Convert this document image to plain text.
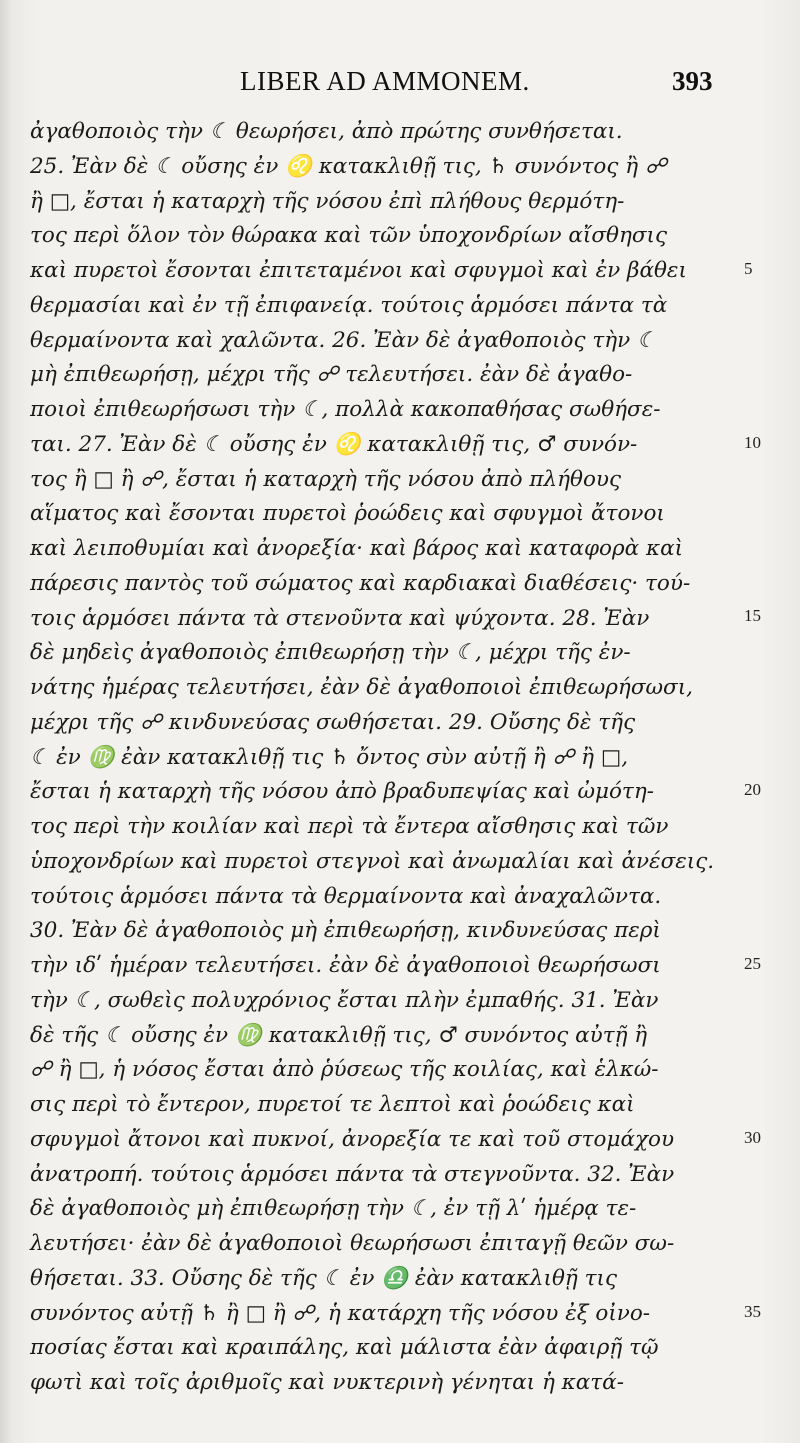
LIBER AD AMMONEM.	393
ἀγαθοποιὸς τὴν ☾ θεωρήσει, ἀπὸ πρώτης συνθήσεται.
25. Ἐὰν δὲ ☾ οὔσης ἐν ♌ κατακλιθῇ τις, ♄ συνόντος ἢ ☍
ἢ □, ἔσται ἡ καταρχὴ τῆς νόσου ἐπὶ πλήθους θερμότη-
τος περὶ ὅλον τὸν θώρακα καὶ τῶν ὑποχονδρίων αἴσθησις
καὶ πυρετοὶ ἔσονται ἐπιτεταμένοι καὶ σφυγμοὶ καὶ ἐν βάθει
θερμασίαι καὶ ἐν τῇ ἐπιφανείᾳ. τούτοις ἁρμόσει πάντα τὰ
θερμαίνοντα καὶ χαλῶντα. 26. Ἐὰν δὲ ἀγαθοποιὸς τὴν ☾
μὴ ἐπιθεωρήσῃ, μέχρι τῆς ☍ τελευτήσει. ἐὰν δὲ ἀγαθο-
ποιοὶ ἐπιθεωρήσωσι τὴν ☾, πολλὰ κακοπαθήσας σωθήσε-
ται. 27. Ἐὰν δὲ ☾ οὔσης ἐν ♌ κατακλιθῇ τις, ♂ συνόν-
τος ἢ □ ἢ ☍, ἔσται ἡ καταρχὴ τῆς νόσου ἀπὸ πλήθους
αἵματος καὶ ἔσονται πυρετοὶ ῥοώδεις καὶ σφυγμοὶ ἄτονοι
καὶ λειποθυμίαι καὶ ἀνορεξία· καὶ βάρος καὶ καταφορὰ καὶ
πάρεσις παντὸς τοῦ σώματος καὶ καρδιακαὶ διαθέσεις· τού-
τοις ἁρμόσει πάντα τὰ στενοῦντα καὶ ψύχοντα. 28. Ἐὰν
δὲ μηδεὶς ἀγαθοποιὸς ἐπιθεωρήσῃ τὴν ☾, μέχρι τῆς ἐν-
νάτης ἡμέρας τελευτήσει, ἐὰν δὲ ἀγαθοποιοὶ ἐπιθεωρήσωσι,
μέχρι τῆς ☍ κινδυνεύσας σωθήσεται. 29. Οὔσης δὲ τῆς
☾ ἐν ♍ ἐὰν κατακλιθῇ τις ♄ ὄντος σὺν αὐτῇ ἢ ☍ ἢ □,
ἔσται ἡ καταρχὴ τῆς νόσου ἀπὸ βραδυπεψίας καὶ ὠμότη-
τος περὶ τὴν κοιλίαν καὶ περὶ τὰ ἔντερα αἴσθησις καὶ τῶν
ὑποχονδρίων καὶ πυρετοὶ στεγνοὶ καὶ ἀνωμαλίαι καὶ ἀνέσεις.
τούτοις ἁρμόσει πάντα τὰ θερμαίνοντα καὶ ἀναχαλῶντα.
30. Ἐὰν δὲ ἀγαθοποιὸς μὴ ἐπιθεωρήσῃ, κινδυνεύσας περὶ
τὴν ιδʹ ἡμέραν τελευτήσει. ἐὰν δὲ ἀγαθοποιοὶ θεωρήσωσι
τὴν ☾, σωθεὶς πολυχρόνιος ἔσται πλὴν ἐμπαθής. 31. Ἐὰν
δὲ τῆς ☾ οὔσης ἐν ♍ κατακλιθῇ τις, ♂ συνόντος αὐτῇ ἢ
☍ ἢ □, ἡ νόσος ἔσται ἀπὸ ῥύσεως τῆς κοιλίας, καὶ ἑλκώ-
σις περὶ τὸ ἔντερον, πυρετοί τε λεπτοὶ καὶ ῥοώδεις καὶ
σφυγμοὶ ἄτονοι καὶ πυκνοί, ἀνορεξία τε καὶ τοῦ στομάχου
ἀνατροπή. τούτοις ἁρμόσει πάντα τὰ στεγνοῦντα. 32. Ἐὰν
δὲ ἀγαθοποιὸς μὴ ἐπιθεωρήσῃ τὴν ☾, ἐν τῇ λʹ ἡμέρᾳ τε-
λευτήσει· ἐὰν δὲ ἀγαθοποιοὶ θεωρήσωσι ἐπιταγῇ θεῶν σω-
θήσεται. 33. Οὔσης δὲ τῆς ☾ ἐν ♎ ἐὰν κατακλιθῇ τις
συνόντος αὐτῇ ♄ ἢ □ ἢ ☍, ἡ κατάρχη τῆς νόσου ἐξ οἰνο-
ποσίας ἔσται καὶ κραιπάλης, καὶ μάλιστα ἐὰν ἀφαιρῇ τῷ
φωτὶ καὶ τοῖς ἀριθμοῖς καὶ νυκτερινὴ γένηται ἡ κατά-
5
10
15
20
25
30
35
